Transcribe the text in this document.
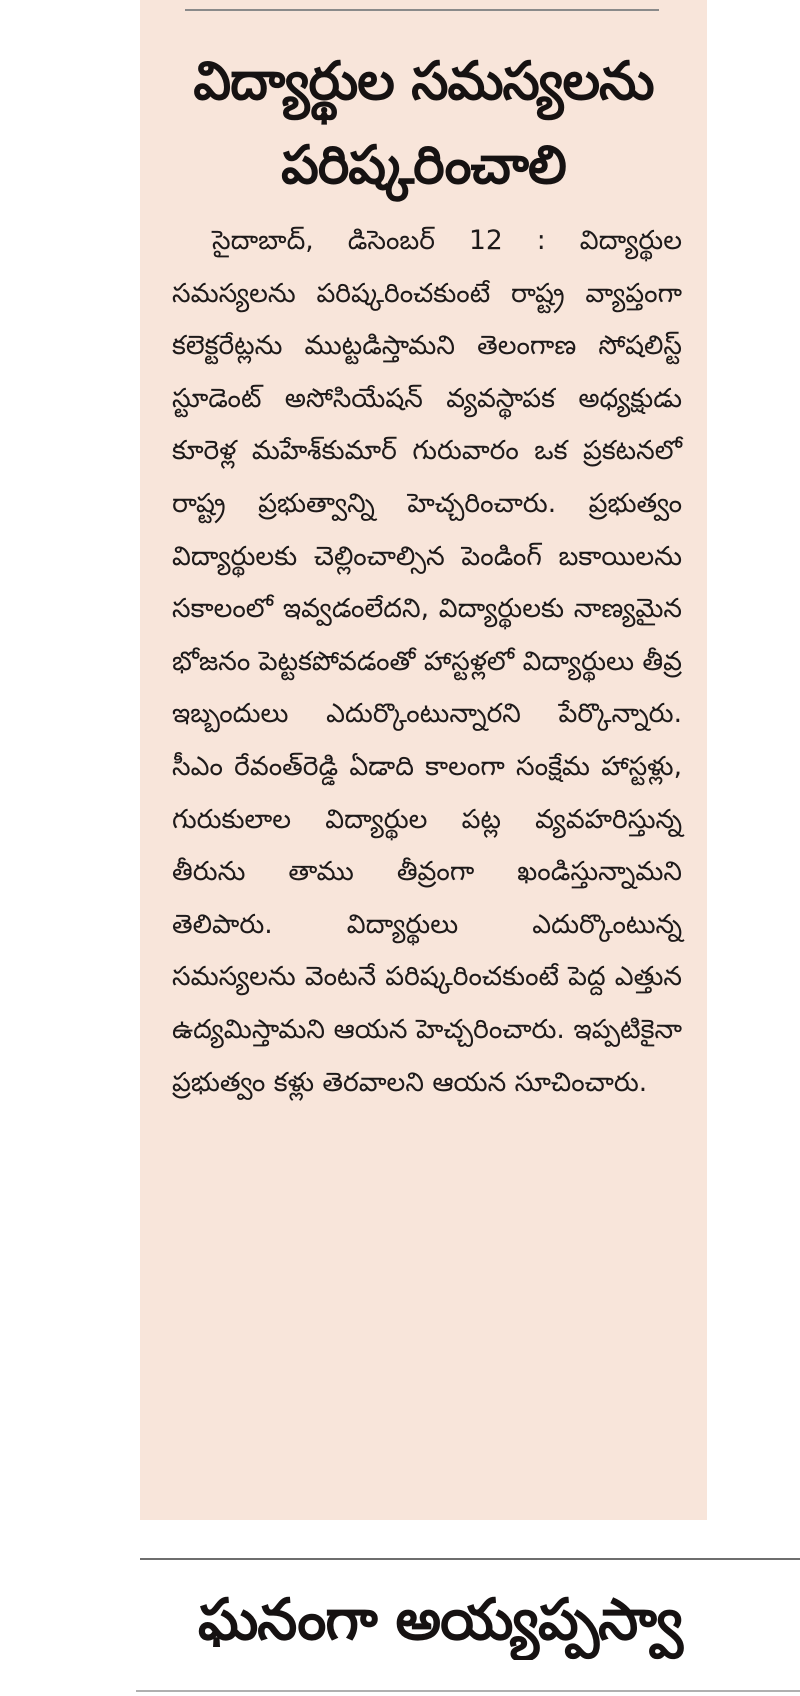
విద్యార్థుల సమస్యలను పరిష్కరించాలి

సైదాబాద్, డిసెంబర్ 12 : విద్యార్థుల సమస్యలను పరిష్కరించకుంటే రాష్ట్ర వ్యాప్తంగా కలెక్టరేట్లను ముట్టడిస్తామని తెలంగాణ సోషలిస్ట్ స్టూడెంట్ అసోసియేషన్ వ్యవస్థాపక అధ్యక్షుడు కూరెళ్ల మహేశ్‌కుమార్ గురువారం ఒక ప్రకటనలో రాష్ట్ర ప్రభుత్వాన్ని హెచ్చరించారు. ప్రభుత్వం విద్యార్థులకు చెల్లించాల్సిన పెండింగ్ బకాయిలను సకాలంలో ఇవ్వడంలేదని, విద్యార్థులకు నాణ్యమైన భోజనం పెట్టకపోవడంతో హాస్టళ్లలో విద్యార్థులు తీవ్ర ఇబ్బందులు ఎదుర్కొంటున్నారని పేర్కొన్నారు. సీఎం రేవంత్‌రెడ్డి ఏడాది కాలంగా సంక్షేమ హాస్టళ్లు, గురుకులాల విద్యార్థుల పట్ల వ్యవహరిస్తున్న తీరును తాము తీవ్రంగా ఖండిస్తున్నామని తెలిపారు. విద్యార్థులు ఎదుర్కొంటున్న సమస్యలను వెంటనే పరిష్కరించకుంటే పెద్ద ఎత్తున ఉద్యమిస్తామని ఆయన హెచ్చరించారు. ఇప్పటికైనా ప్రభుత్వం కళ్లు తెరవాలని ఆయన సూచించారు.

ఘనంగా అయ్యప్పస్వా
